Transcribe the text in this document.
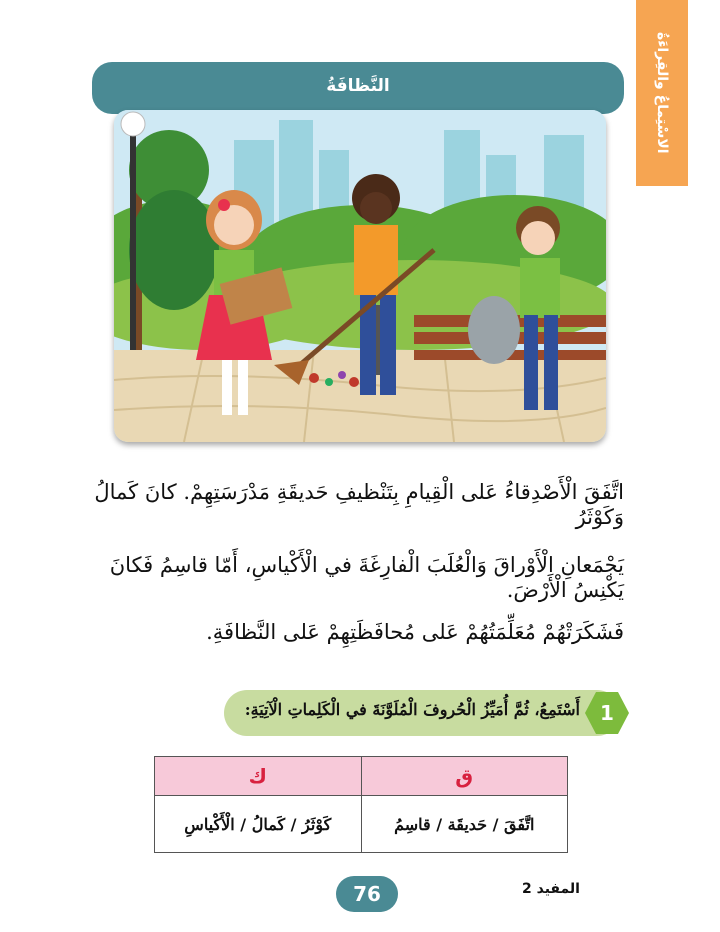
الاسْتِماعُ والقِراءَةُ
النَّظافَةُ
اتَّفَقَ الْأَصْدِقاءُ عَلى الْقِيامِ بِتَنْظيفِ حَديقَةِ مَدْرَسَتِهِمْ. كانَ كَمالُ وَكَوْثَرُ
يَجْمَعانِ الْأَوْراقَ وَالْعُلَبَ الْفارِغَةَ في الْأَكْياسِ، أَمّا قاسِمُ فَكانَ يَكْنِسُ الْأَرْضَ.
فَشَكَرَتْهُمْ مُعَلِّمَتُهُمْ عَلى مُحافَظَتِهِمْ عَلى النَّظافَةِ.
1
أَسْتَمِعُ، ثُمَّ أُمَيِّزُ الْحُروفَ الْمُلَوَّنَةَ في الْكَلِماتِ الْآتِيَةِ:
ك	ق
كَوْثَرُ / كَمالُ / الْأَكْياسِ	اتَّفَقَ / حَديقَة / قاسِمُ
المفيد 2
76
